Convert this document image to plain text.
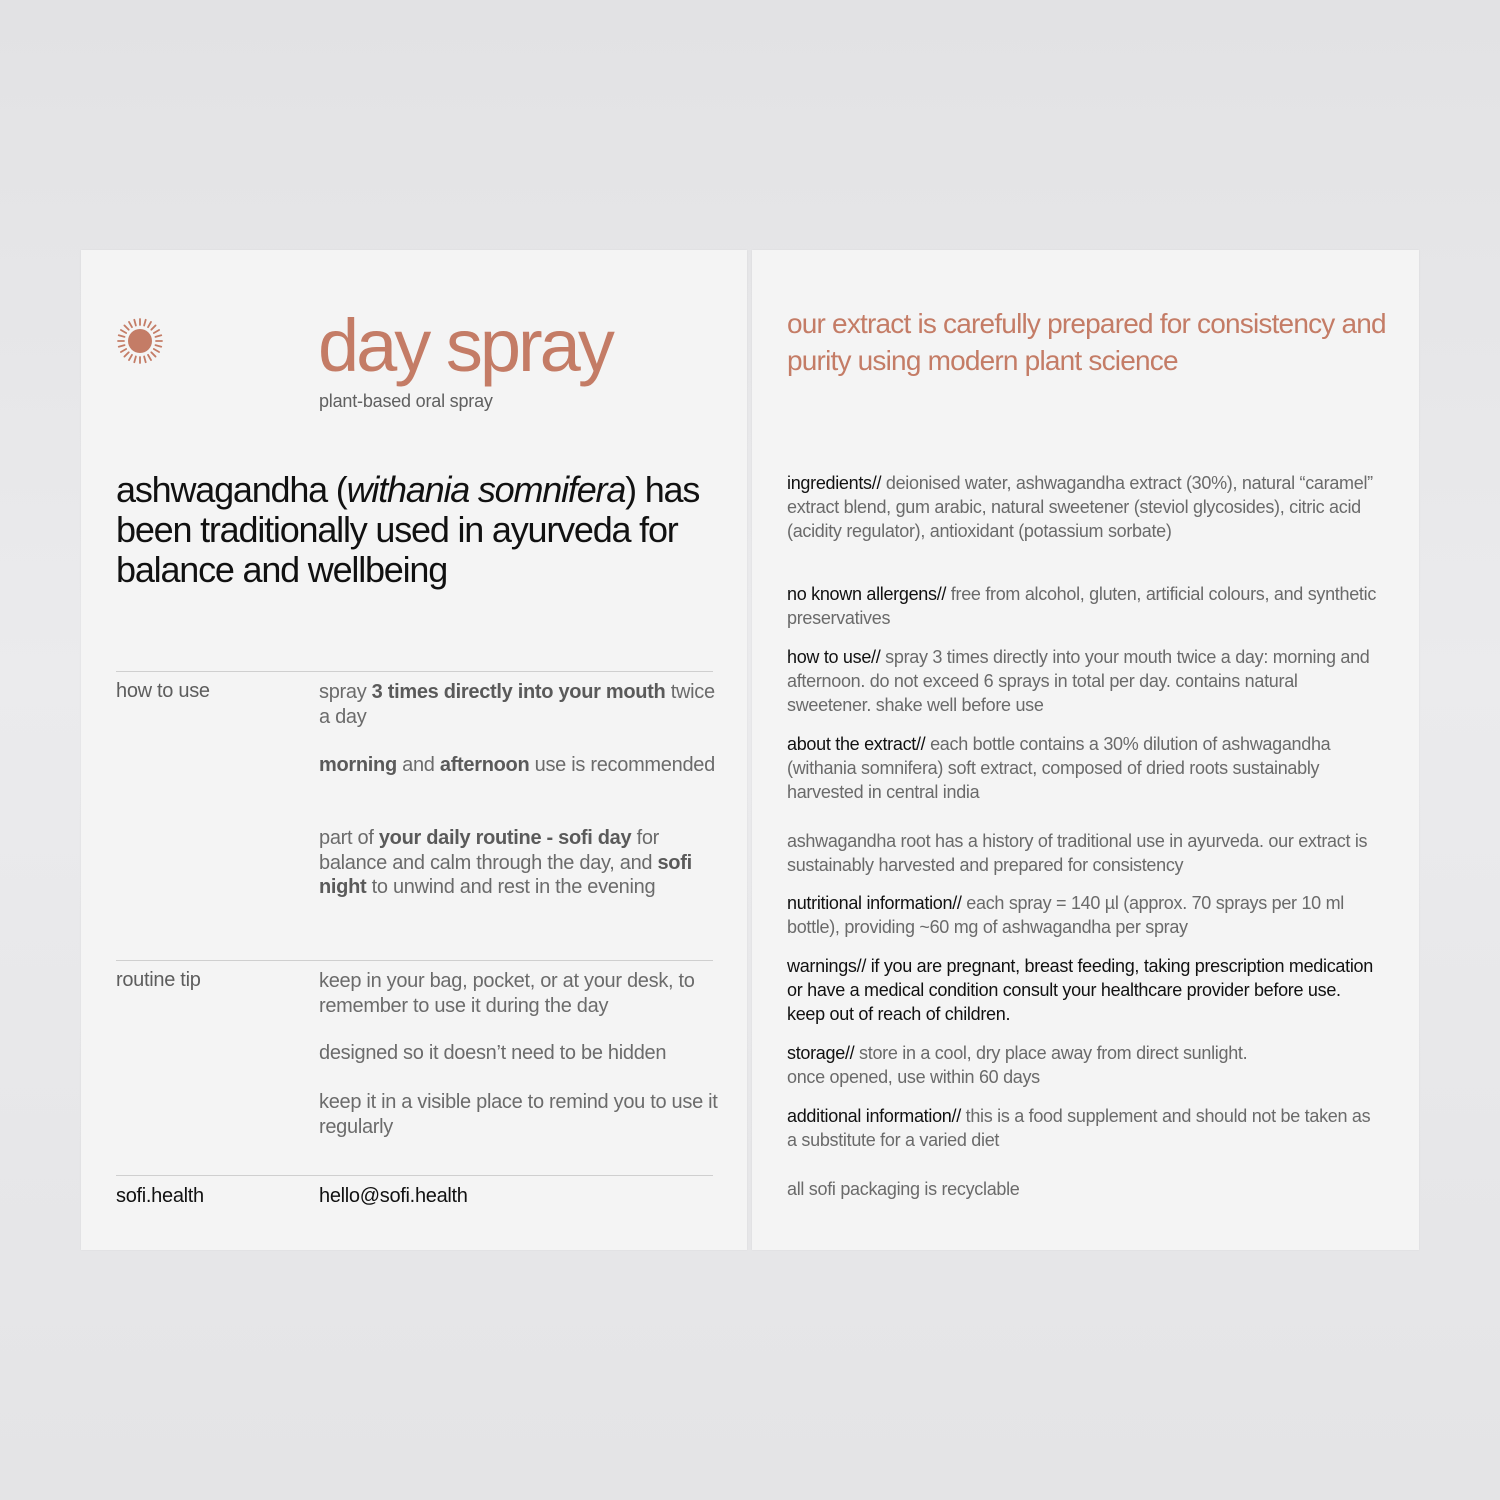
day spray
plant-based oral spray
ashwagandha (withania somnifera) has been traditionally used in ayurveda for balance and wellbeing
how to use	spray 3 times directly into your mouth twice a day
morning and afternoon use is recommended
part of your daily routine - sofi day for balance and calm through the day, and sofi night to unwind and rest in the evening
routine tip	keep in your bag, pocket, or at your desk, to remember to use it during the day
designed so it doesn’t need to be hidden
keep it in a visible place to remind you to use it regularly
sofi.health	hello@sofi.health
our extract is carefully prepared for consistency and purity using modern plant science
ingredients// deionised water, ashwagandha extract (30%), natural “caramel” extract blend, gum arabic, natural sweetener (steviol glycosides), citric acid (acidity regulator), antioxidant (potassium sorbate)
no known allergens// free from alcohol, gluten, artificial colours, and synthetic preservatives
how to use// spray 3 times directly into your mouth twice a day: morning and afternoon. do not exceed 6 sprays in total per day. contains natural sweetener. shake well before use
about the extract// each bottle contains a 30% dilution of ashwagandha (withania somnifera) soft extract, composed of dried roots sustainably harvested in central india
ashwagandha root has a history of traditional use in ayurveda. our extract is sustainably harvested and prepared for consistency
nutritional information// each spray = 140 µl (approx. 70 sprays per 10 ml bottle), providing ~60 mg of ashwagandha per spray
warnings// if you are pregnant, breast feeding, taking prescription medication or have a medical condition consult your healthcare provider before use. keep out of reach of children.
storage// store in a cool, dry place away from direct sunlight.
once opened, use within 60 days
additional information// this is a food supplement and should not be taken as a substitute for a varied diet
all sofi packaging is recyclable
